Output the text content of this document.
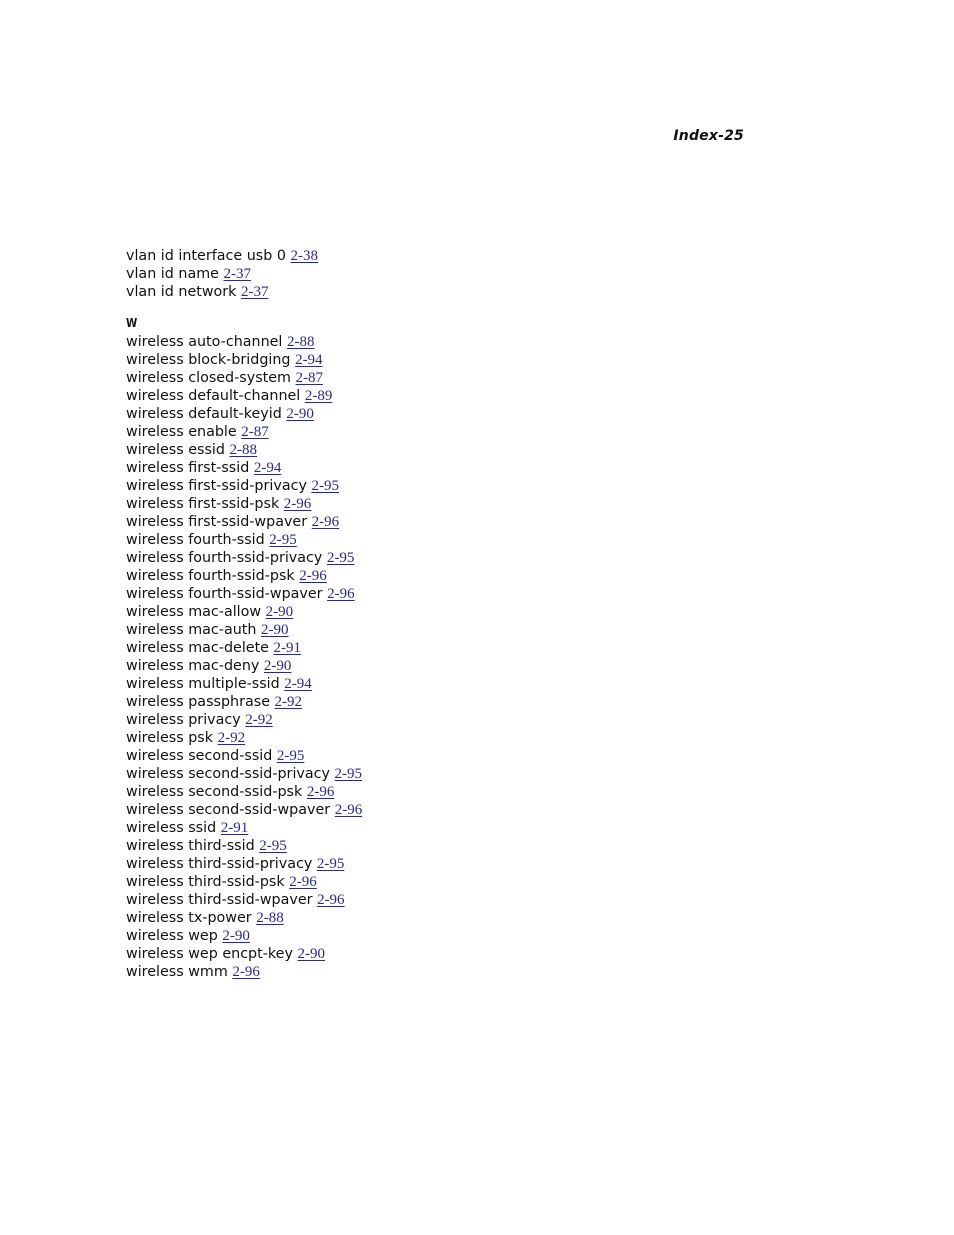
Index-25
vlan id interface usb 0 2-38
vlan id name 2-37
vlan id network 2-37
W
wireless auto-channel 2-88
wireless block-bridging 2-94
wireless closed-system 2-87
wireless default-channel 2-89
wireless default-keyid 2-90
wireless enable 2-87
wireless essid 2-88
wireless first-ssid 2-94
wireless first-ssid-privacy 2-95
wireless first-ssid-psk 2-96
wireless first-ssid-wpaver 2-96
wireless fourth-ssid 2-95
wireless fourth-ssid-privacy 2-95
wireless fourth-ssid-psk 2-96
wireless fourth-ssid-wpaver 2-96
wireless mac-allow 2-90
wireless mac-auth 2-90
wireless mac-delete 2-91
wireless mac-deny 2-90
wireless multiple-ssid 2-94
wireless passphrase 2-92
wireless privacy 2-92
wireless psk 2-92
wireless second-ssid 2-95
wireless second-ssid-privacy 2-95
wireless second-ssid-psk 2-96
wireless second-ssid-wpaver 2-96
wireless ssid 2-91
wireless third-ssid 2-95
wireless third-ssid-privacy 2-95
wireless third-ssid-psk 2-96
wireless third-ssid-wpaver 2-96
wireless tx-power 2-88
wireless wep 2-90
wireless wep encpt-key 2-90
wireless wmm 2-96
